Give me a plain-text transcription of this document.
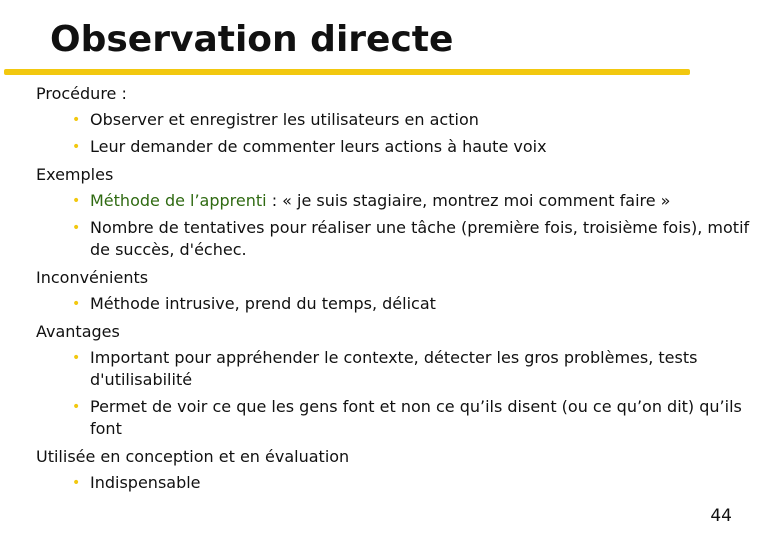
Observation directe

Procédure :

• Observer et enregistrer les utilisateurs en action

• Leur demander de commenter leurs actions à haute voix

Exemples

• Méthode de l’apprenti : « je suis stagiaire, montrez moi comment faire »

• Nombre de tentatives pour réaliser une tâche (première fois, troisième fois), motif de succès, d'échec.

Inconvénients

• Méthode intrusive, prend du temps, délicat

Avantages

• Important pour appréhender le contexte, détecter les gros problèmes, tests d'utilisabilité

• Permet de voir ce que les gens font et non ce qu’ils disent (ou ce qu’on dit) qu’ils font

Utilisée en conception et en évaluation

• Indispensable

44
